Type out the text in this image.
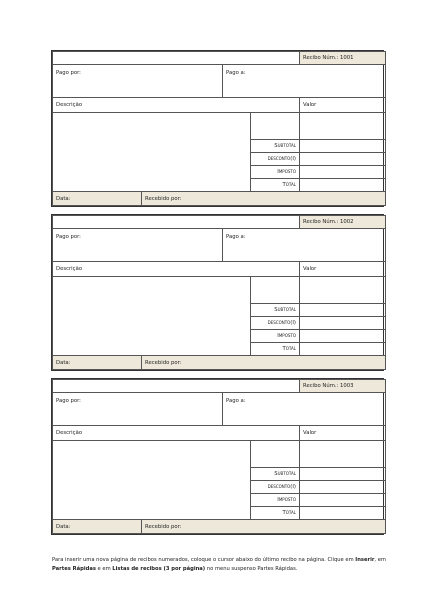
				Recibo Núm.: 1001
Pago por:		Pago a:		
Descrição				Valor

			Subtotal	
			desconto(I)	
			Imposto	
			Total	
Data:	Recebido por:			
				Recibo Núm.: 1002
Pago por:		Pago a:		
Descrição				Valor

			Subtotal	
			desconto(I)	
			Imposto	
			Total	
Data:	Recebido por:			
				Recibo Núm.: 1003
Pago por:		Pago a:		
Descrição				Valor

			Subtotal	
			desconto(I)	
			Imposto	
			Total	
Data:	Recebido por:			
Para inserir uma nova página de recibos numerados, coloque o cursor abaixo do último recibo na página. Clique em Inserir, em Partes Rápidas e em Listas de recibos (3 por página) no menu suspenso Partes Rápidas.
